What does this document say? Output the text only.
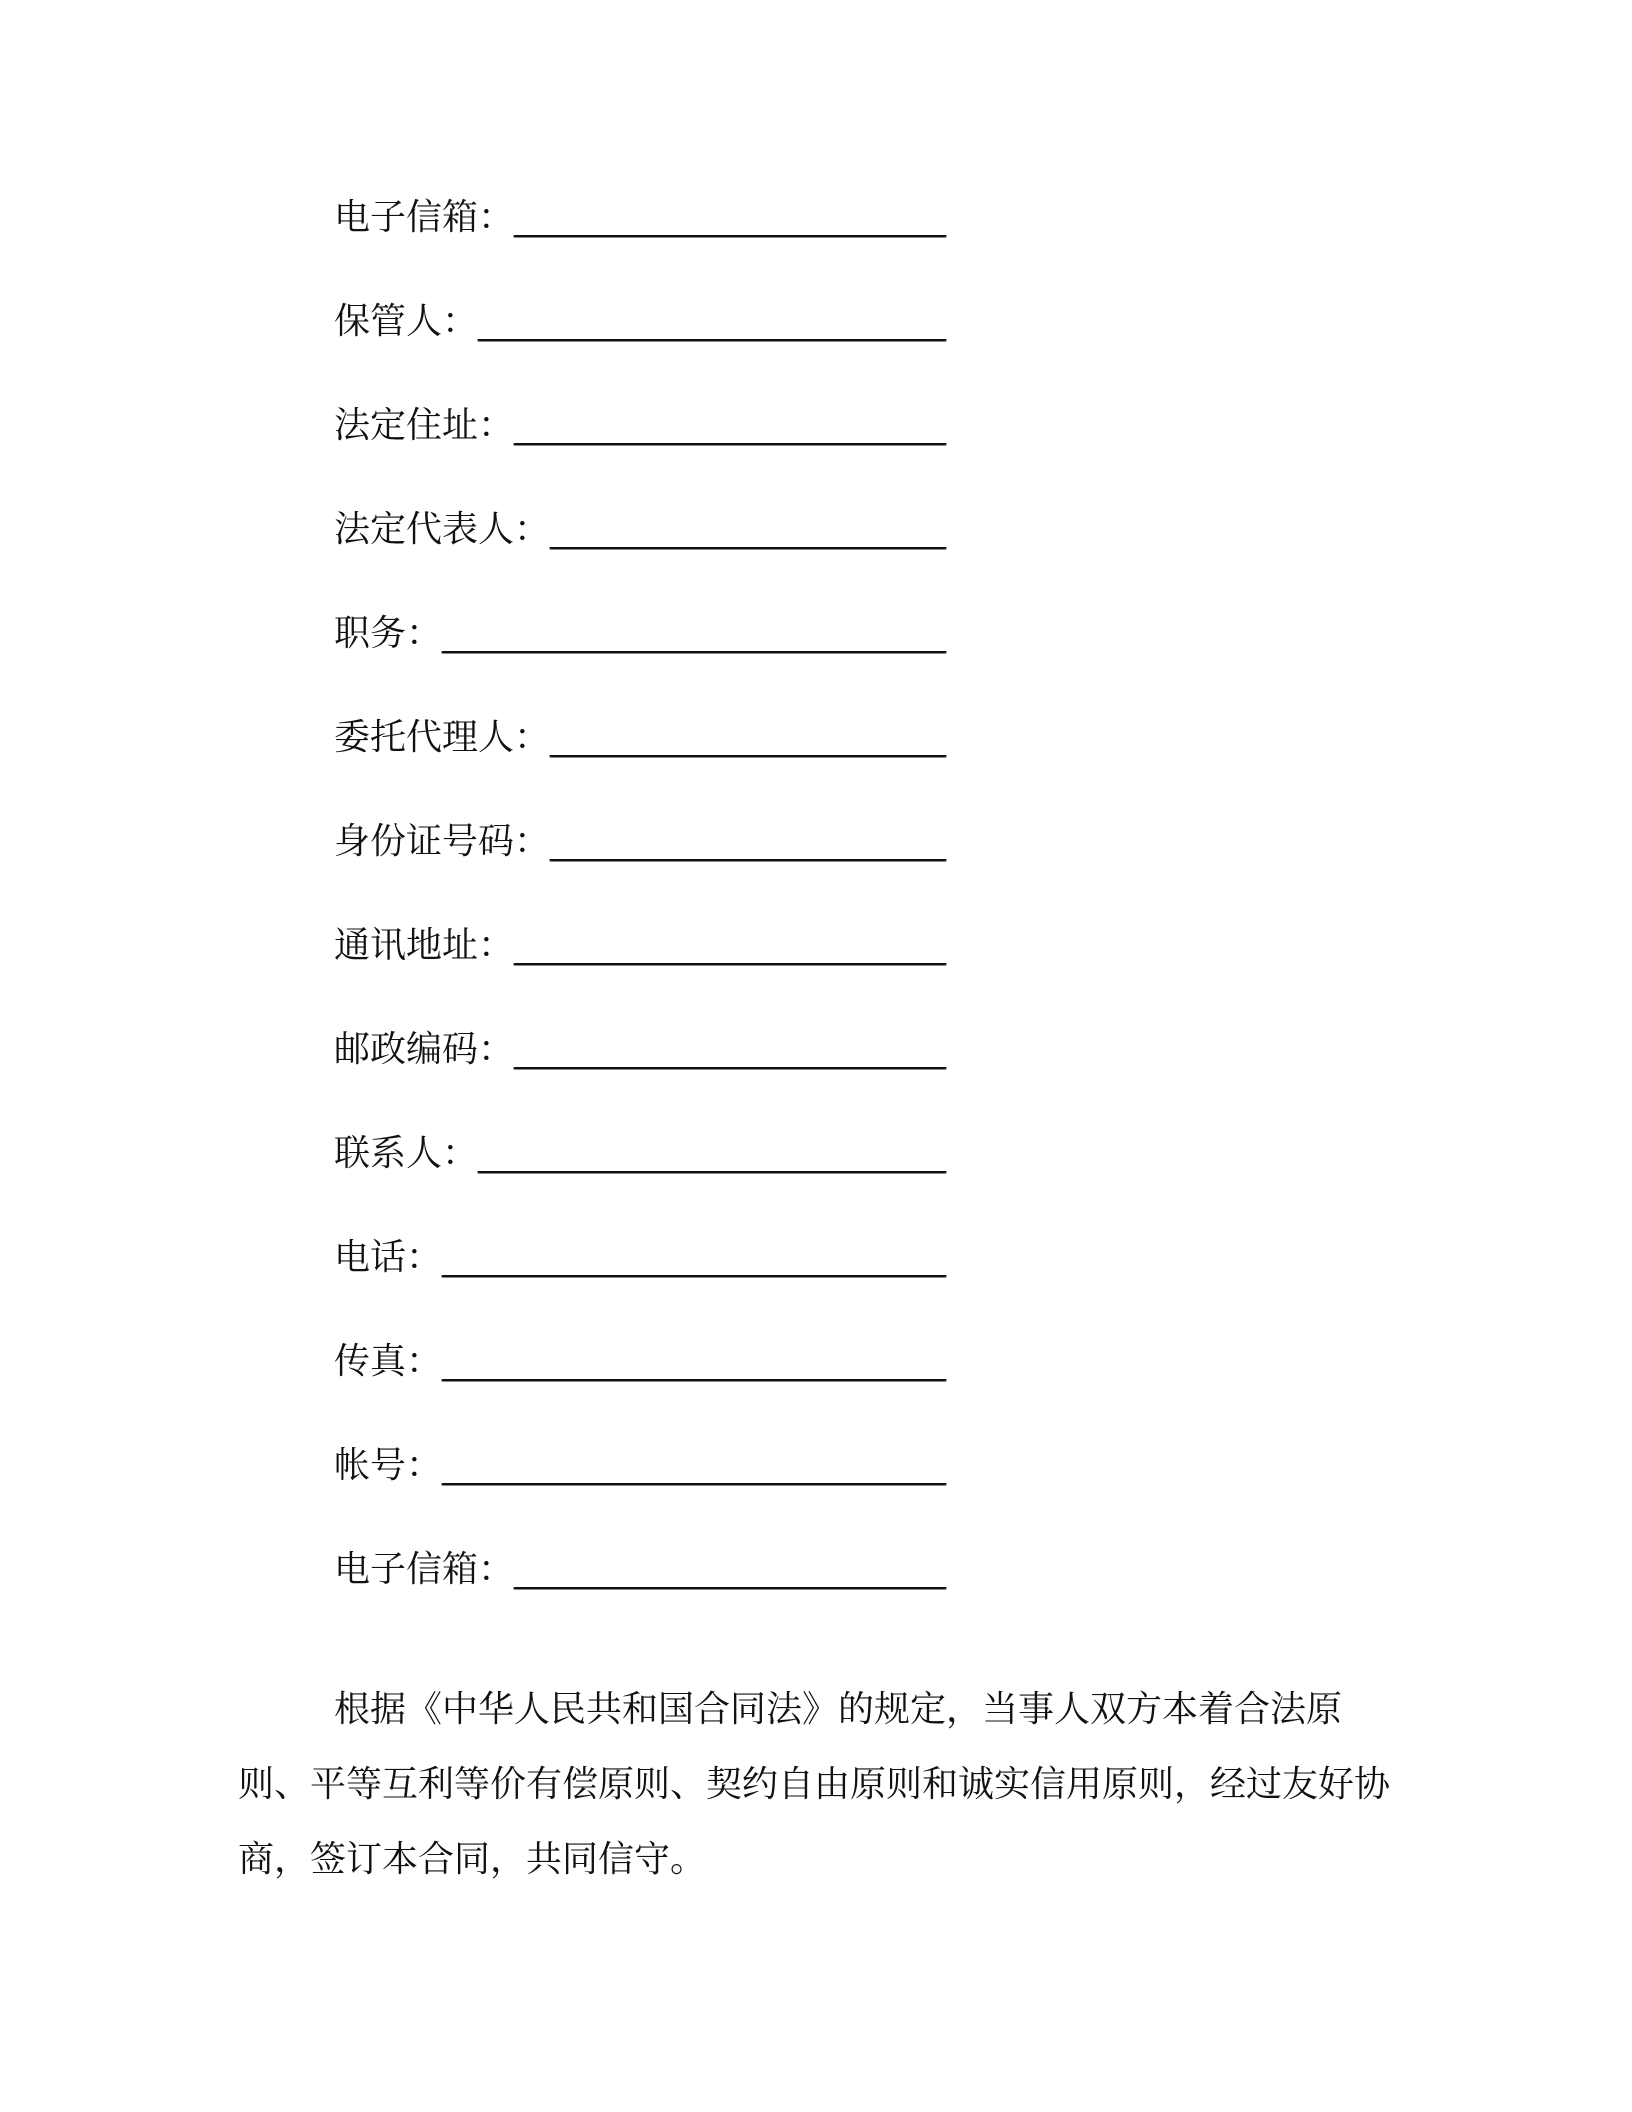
电子信箱： ________________________
保管人： __________________________
法定住址： ________________________
法定代表人： ______________________
职务： ____________________________
委托代理人： ______________________
身份证号码： ______________________
通讯地址： ________________________
邮政编码： ________________________
联系人： __________________________
电话： ____________________________
传真： ____________________________
帐号： ____________________________
电子信箱： ________________________

根据《中华人民共和国合同法》的规定，当事人双方本着合法原则、平等互利等价有偿原则、契约自由原则和诚实信用原则，经过友好协商，签订本合同，共同信守。
